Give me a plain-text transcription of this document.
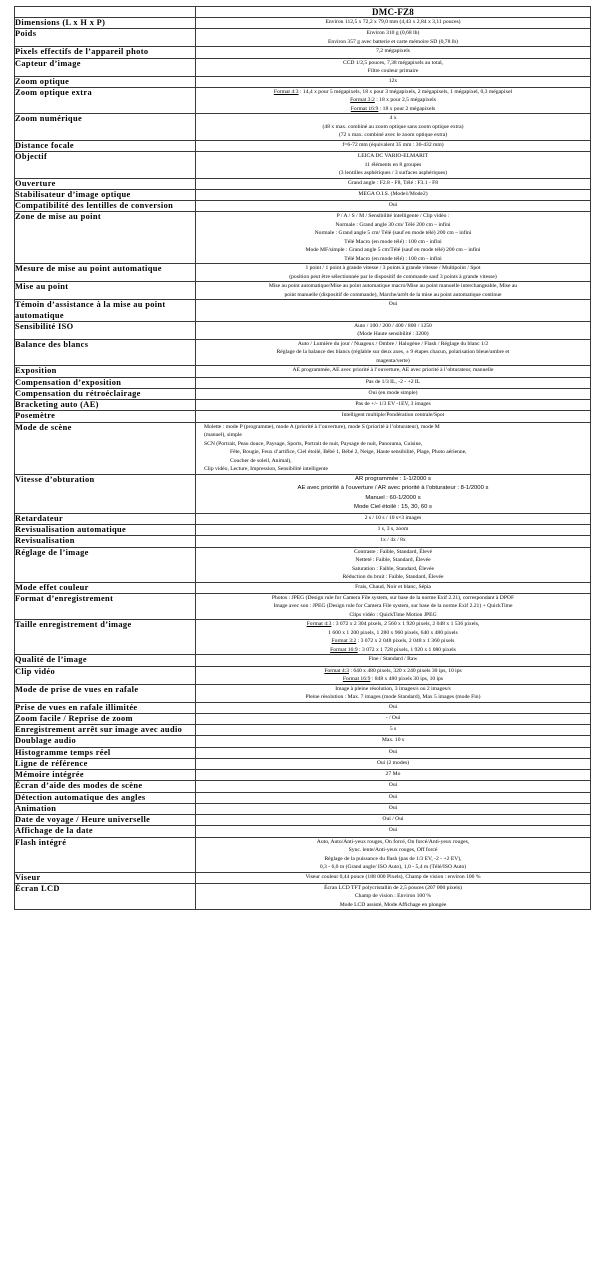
	DMC-FZ8
Dimensions (L x H x P)	Environ 112,5 x 72,2 x 79,0 mm (4,43 x 2,84 x 3,11 pouces)

Poids	Environ 310 g (0,68 lb)
Environ 357 g avec batterie et carte mémoire SD (0,78 lb)

Pixels effectifs de l’appareil photo	7,2 mégapixels

Capteur d’image	CCD 1/2,5 pouces, 7,38 mégapixels au total,
Filtre couleur primaire

Zoom optique	12x

Zoom optique extra	Format 4:3 : 14,4 x pour 5 mégapixels, 18 x pour 3 mégapixels, 2 mégapixels, 1 mégapixel, 0,3 mégapixel
Format 3:2 : 18 x pour 2,5 mégapixels
Format 16:9 : 18 x pour 2 mégapixels

Zoom numérique	4 x
(48 x max. combiné au zoom optique sans zoom optique extra)
(72 x max. combiné avec le zoom optique extra)

Distance focale	f=6-72 mm (équivalent 35 mm : 36-432 mm)

Objectif	LEICA DC VARIO-ELMARIT
11 éléments en 8 groupes
(3 lentilles asphériques / 3 surfaces asphériques)

Ouverture	Grand angle : F2.8 - F8, Télé : F3.1 - F8

Stabilisateur d’image optique	MEGA O.I.S. (Mode1/Mode2)

Compatibilité des lentilles de conversion	Oui

Zone de mise au point	P / A / S / M / Sensibilité intelligente / Clip vidéo :
Normale : Grand angle 30 cm/ Télé 200 cm – infini
Normale : Grand angle 5 cm/ Télé (sauf en mode télé) 200 cm – infini
Télé Macro (en mode télé) : 100 cm - infini
Mode MF/simple : Grand angle 5 cm/Télé (sauf en mode télé) 200 cm – infini
Télé Macro (en mode télé) : 100 cm - infini

Mesure de mise au point automatique	1 point / 1 point à grande vitesse / 3 points à grande vitesse / Multipoint / Spot
(position peut être sélectionnée par le dispositif de commande sauf 3 points à grande vitesse)

Mise au point	Mise au point automatique/Mise au point automatique macro/Mise au point manuelle interchangeable, Mise au
point manuelle (dispositif de commande), Marche/arrêt de la mise au point automatique continue

Témoin d’assistance à la mise au point automatique	Oui

Sensibilité ISO	Auto / 100 / 200 / 400 / 800 / 1250
(Mode Haute sensibilité : 3200)

Balance des blancs	Auto / Lumière du jour / Nuageux / Ombre / Halogène / Flash / Réglage du blanc 1/2
Réglage de la balance des blancs (réglable sur deux axes, ± 9 étapes chacun, polarisation bleue/ambre et
magenta/verte)

Exposition	AE programmée, AE avec priorité à l’ouverture, AE avec priorité à l’obturateur, manuelle

Compensation d’exposition	Pas de 1/3 IL, -2 - +2 IL

Compensation du rétroéclairage	Oui (en mode simple)

Bracketing auto (AE)	Pas de +/- 1/3 EV -1EV, 3 images

Posemètre	Intelligent multiple/Pondération centrale/Spot

Mode de scène	Molette : mode P (programme), mode A (priorité à l’ouverture), mode S (priorité à l’obturateur), mode M
(manuel), simple
SCN (Portrait, Peau douce, Paysage, Sports, Portrait de nuit, Paysage de nuit, Panorama, Cuisine,
Fête, Bougie, Feux d’artifice, Ciel étoilé, Bébé 1, Bébé 2, Neige, Haute sensibilité, Plage, Photo aérienne,
Coucher de soleil, Animal),
Clip vidéo, Lecture, Impression, Sensibilité intelligente

Vitesse d’obturation	AR programmée : 1-1/2000 s
AE avec priorité à l’ouverture / AR avec priorité à l’obturateur : 8-1/2000 s
Manuel : 60-1/2000 s
Mode Ciel étoilé : 15, 30, 60 s

Retardateur	2 s / 10 s / 10 s×3 images

Revisualisation automatique	1 s, 3 s, zoom

Revisualisation	1x / 4x / 8x

Réglage de l’image	Contraste : Faible, Standard, Élevé
Netteté : Faible, Standard, Élevée
Saturation : Faible, Standard, Élevée
Réduction du bruit : Faible, Standard, Élevée

Mode effet couleur	Frais, Chaud, Noir et blanc, Sépia

Format d’enregistrement	Photos : JPEG (Design rule for Camera File system, sur base de la norme Exif 2.21), correspondant à DPOF
Image avec son : JPEG (Design rule for Camera File system, sur base de la norme Exif 2.21) + QuickTime
Clips vidéo : QuickTime Motion JPEG

Taille enregistrement d’image	Format 4:3 : 3 072 x 2 304 pixels, 2 560 x 1 920 pixels, 2 048 x 1 536 pixels,
1 600 x 1 200 pixels, 1 280 x 960 pixels, 640 x 480 pixels
Format 3:2 : 3 072 x 2 048 pixels, 2 048 x 1 360 pixels
Format 16:9 : 3 072 x 1 728 pixels, 1 920 x 1 080 pixels

Qualité de l’image	Fine / Standard / Raw

Clip vidéo	Format 4:3 : 640 x 480 pixels, 320 x 240 pixels 30 ips, 10 ips
Format 16:9 : 848 x 480 pixels 30 ips, 10 ips

Mode de prise de vues en rafale	Image à pleine résolution, 3 images/s ou 2 images/s
Pleine résolution : Max. 7 images (mode Standard), Max 5 images (mode Fin)

Prise de vues en rafale illimitée	Oui

Zoom facile / Reprise de zoom	- / Oui

Enregistrement arrêt sur image avec audio	5 s

Doublage audio	Max. 10 s

Histogramme temps réel	Oui

Ligne de référence	Oui (2 modes)

Mémoire intégrée	27 Mo

Écran d’aide des modes de scène	Oui

Détection automatique des angles	Oui

Animation	Oui

Date de voyage / Heure universelle	Oui / Oui

Affichage de la date	Oui

Flash intégré	Auto, Auto/Anti-yeux rouges, On forcé, On forcé/Anti-yeux rouges,
Sync. lente/Anti-yeux rouges, Off forcé
Réglage de la puissance du flash (pas de 1/3 EV, -2 - +2 EV),
0,3 - 6,0 m (Grand angle/ ISO Auto), 1,0 - 5,4 m (Télé/ISO Auto)

Viseur	Viseur couleur 0,44 pouce (188 000 Pixels), Champ de vision : environ 100 %

Écran LCD	Écran LCD TFT polycristallin de 2,5 pouces (207 000 pixels)
Champ de vision : Environ 100 %
Mode LCD assisté, Mode Affichage en plongée
